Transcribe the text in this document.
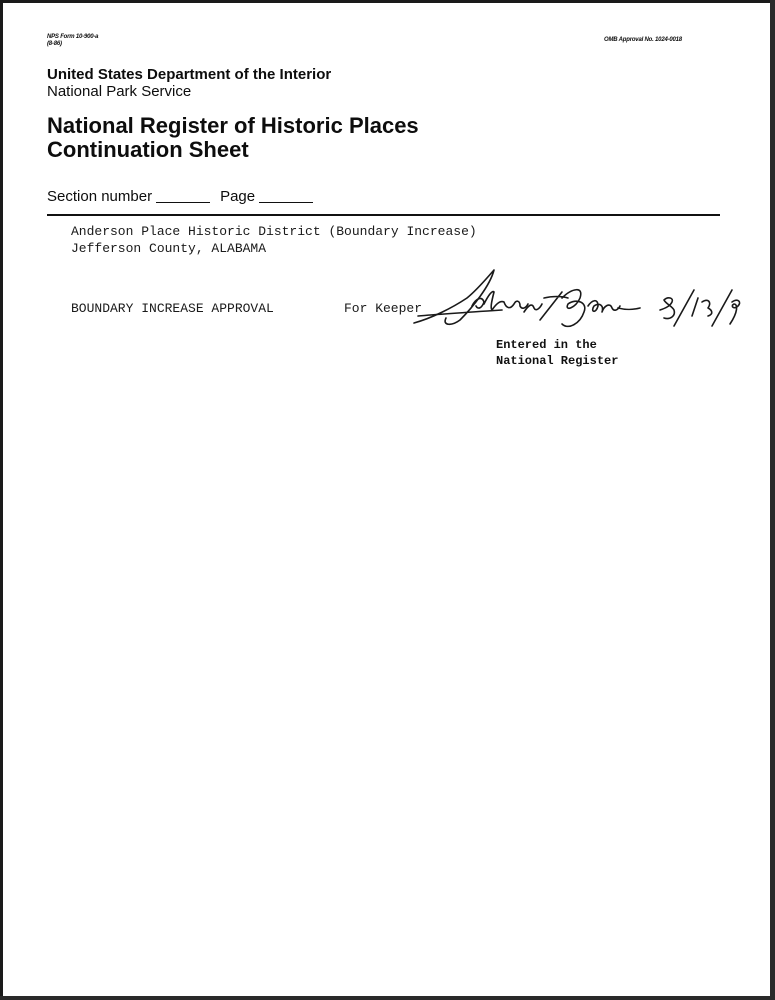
NPS Form 10-900-a
(8-86)
OMB Approval No. 1024-0018
United States Department of the Interior
National Park Service
National Register of Historic Places
Continuation Sheet
Section number	Page
Anderson Place Historic District (Boundary Increase)
Jefferson County, ALABAMA
BOUNDARY INCREASE APPROVAL	For Keeper
Entered in the
National Register
